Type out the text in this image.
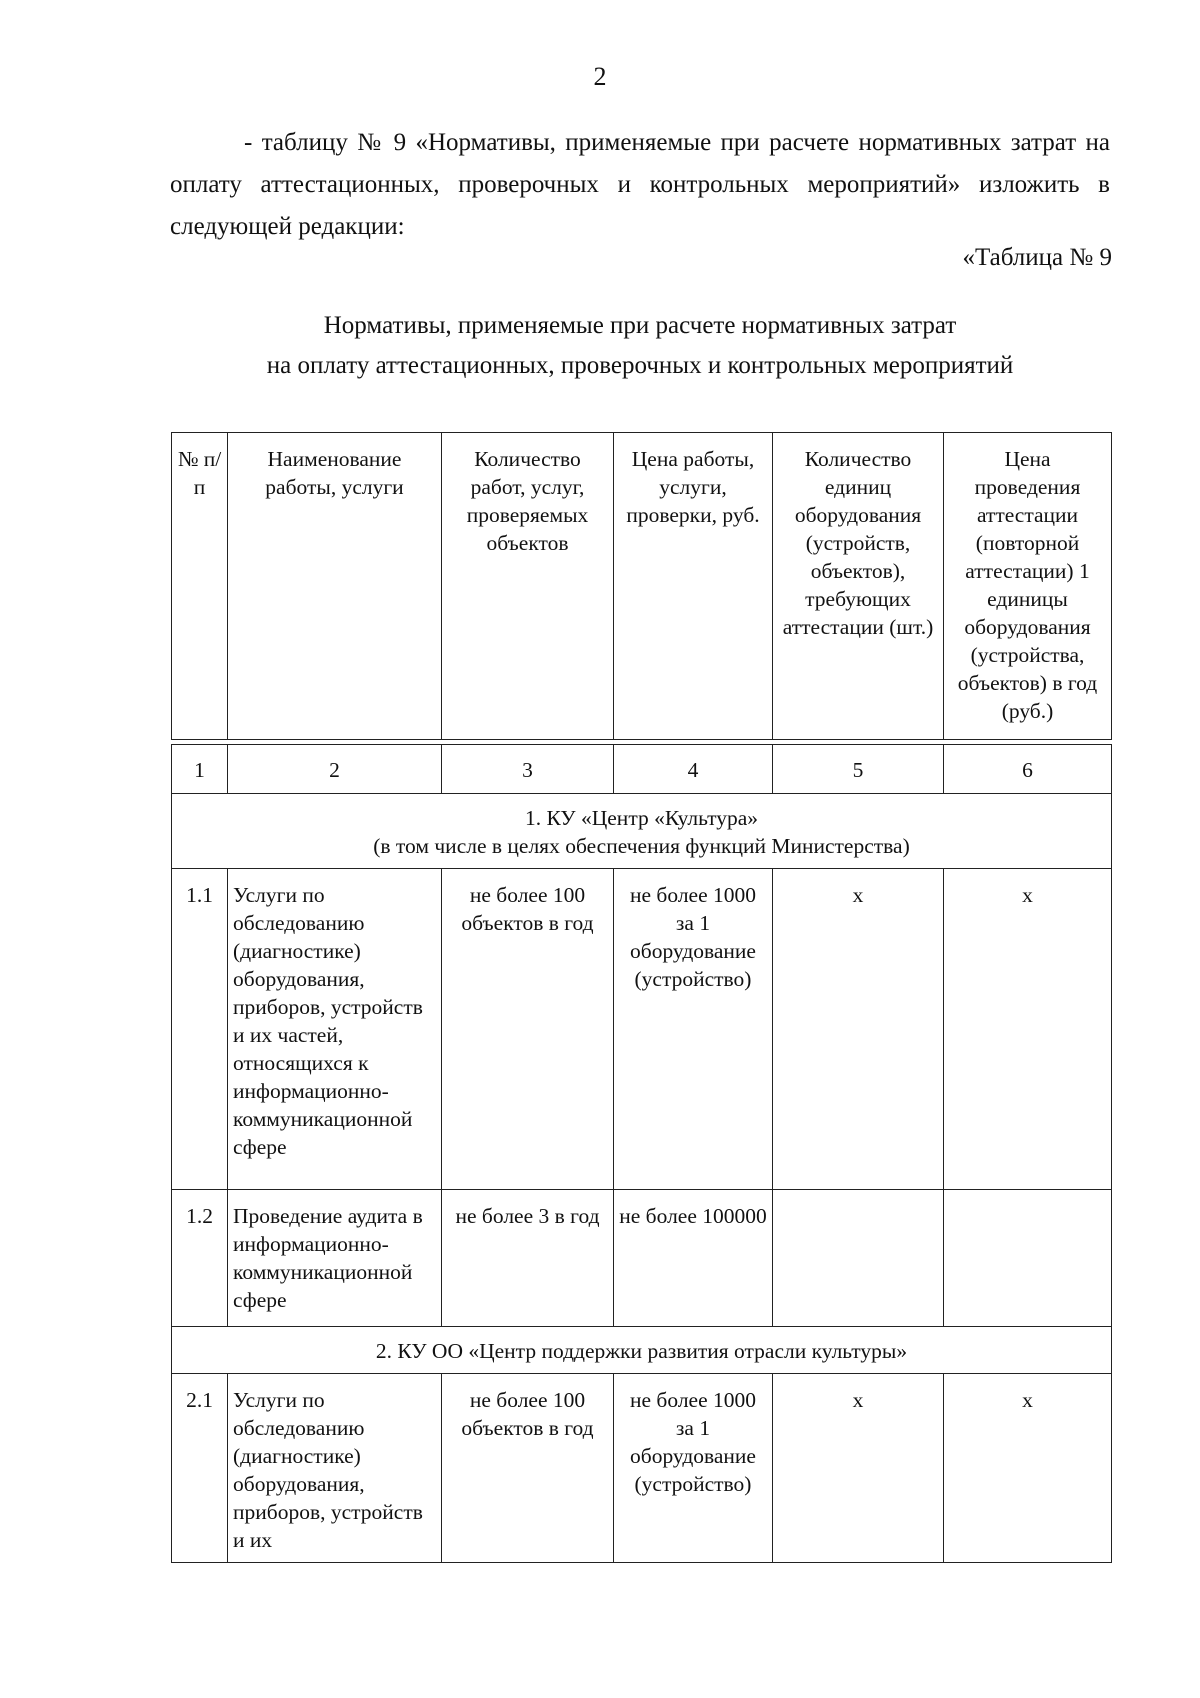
2

- таблицу № 9 «Нормативы, применяемые при расчете нормативных затрат на оплату аттестационных, проверочных и контрольных мероприятий» изложить в следующей редакции:

«Таблица № 9

Нормативы, применяемые при расчете нормативных затрат
на оплату аттестационных, проверочных и контрольных мероприятий
№ п/п	Наименование работы, услуги	Количество работ, услуг, проверяемых объектов	Цена работы, услуги, проверки, руб.	Количество единиц оборудования (устройств, объектов), требующих аттестации (шт.)	Цена проведения аттестации (повторной аттестации) 1 единицы оборудования (устройства, объектов) в год (руб.)

1	2	3	4	5	6

1. КУ «Центр «Культура»
(в том числе в целях обеспечения функций Министерства)					

1.1	Услуги по обследованию (диагностике) оборудования, приборов, устройств и их частей, относящихся к информационно-коммуникационной сфере	не более 100 объектов в год	не более 1000 за 1 оборудование (устройство)	х	х
1.2	Проведение аудита в информационно-коммуникационной сфере	не более 3 в год	не более 100000		

2. КУ ОО «Центр поддержки развития отрасли культуры»					

2.1	Услуги по обследованию (диагностике) оборудования, приборов, устройств и их	не более 100 объектов в год	не более 1000 за 1 оборудование (устройство)	х	х
